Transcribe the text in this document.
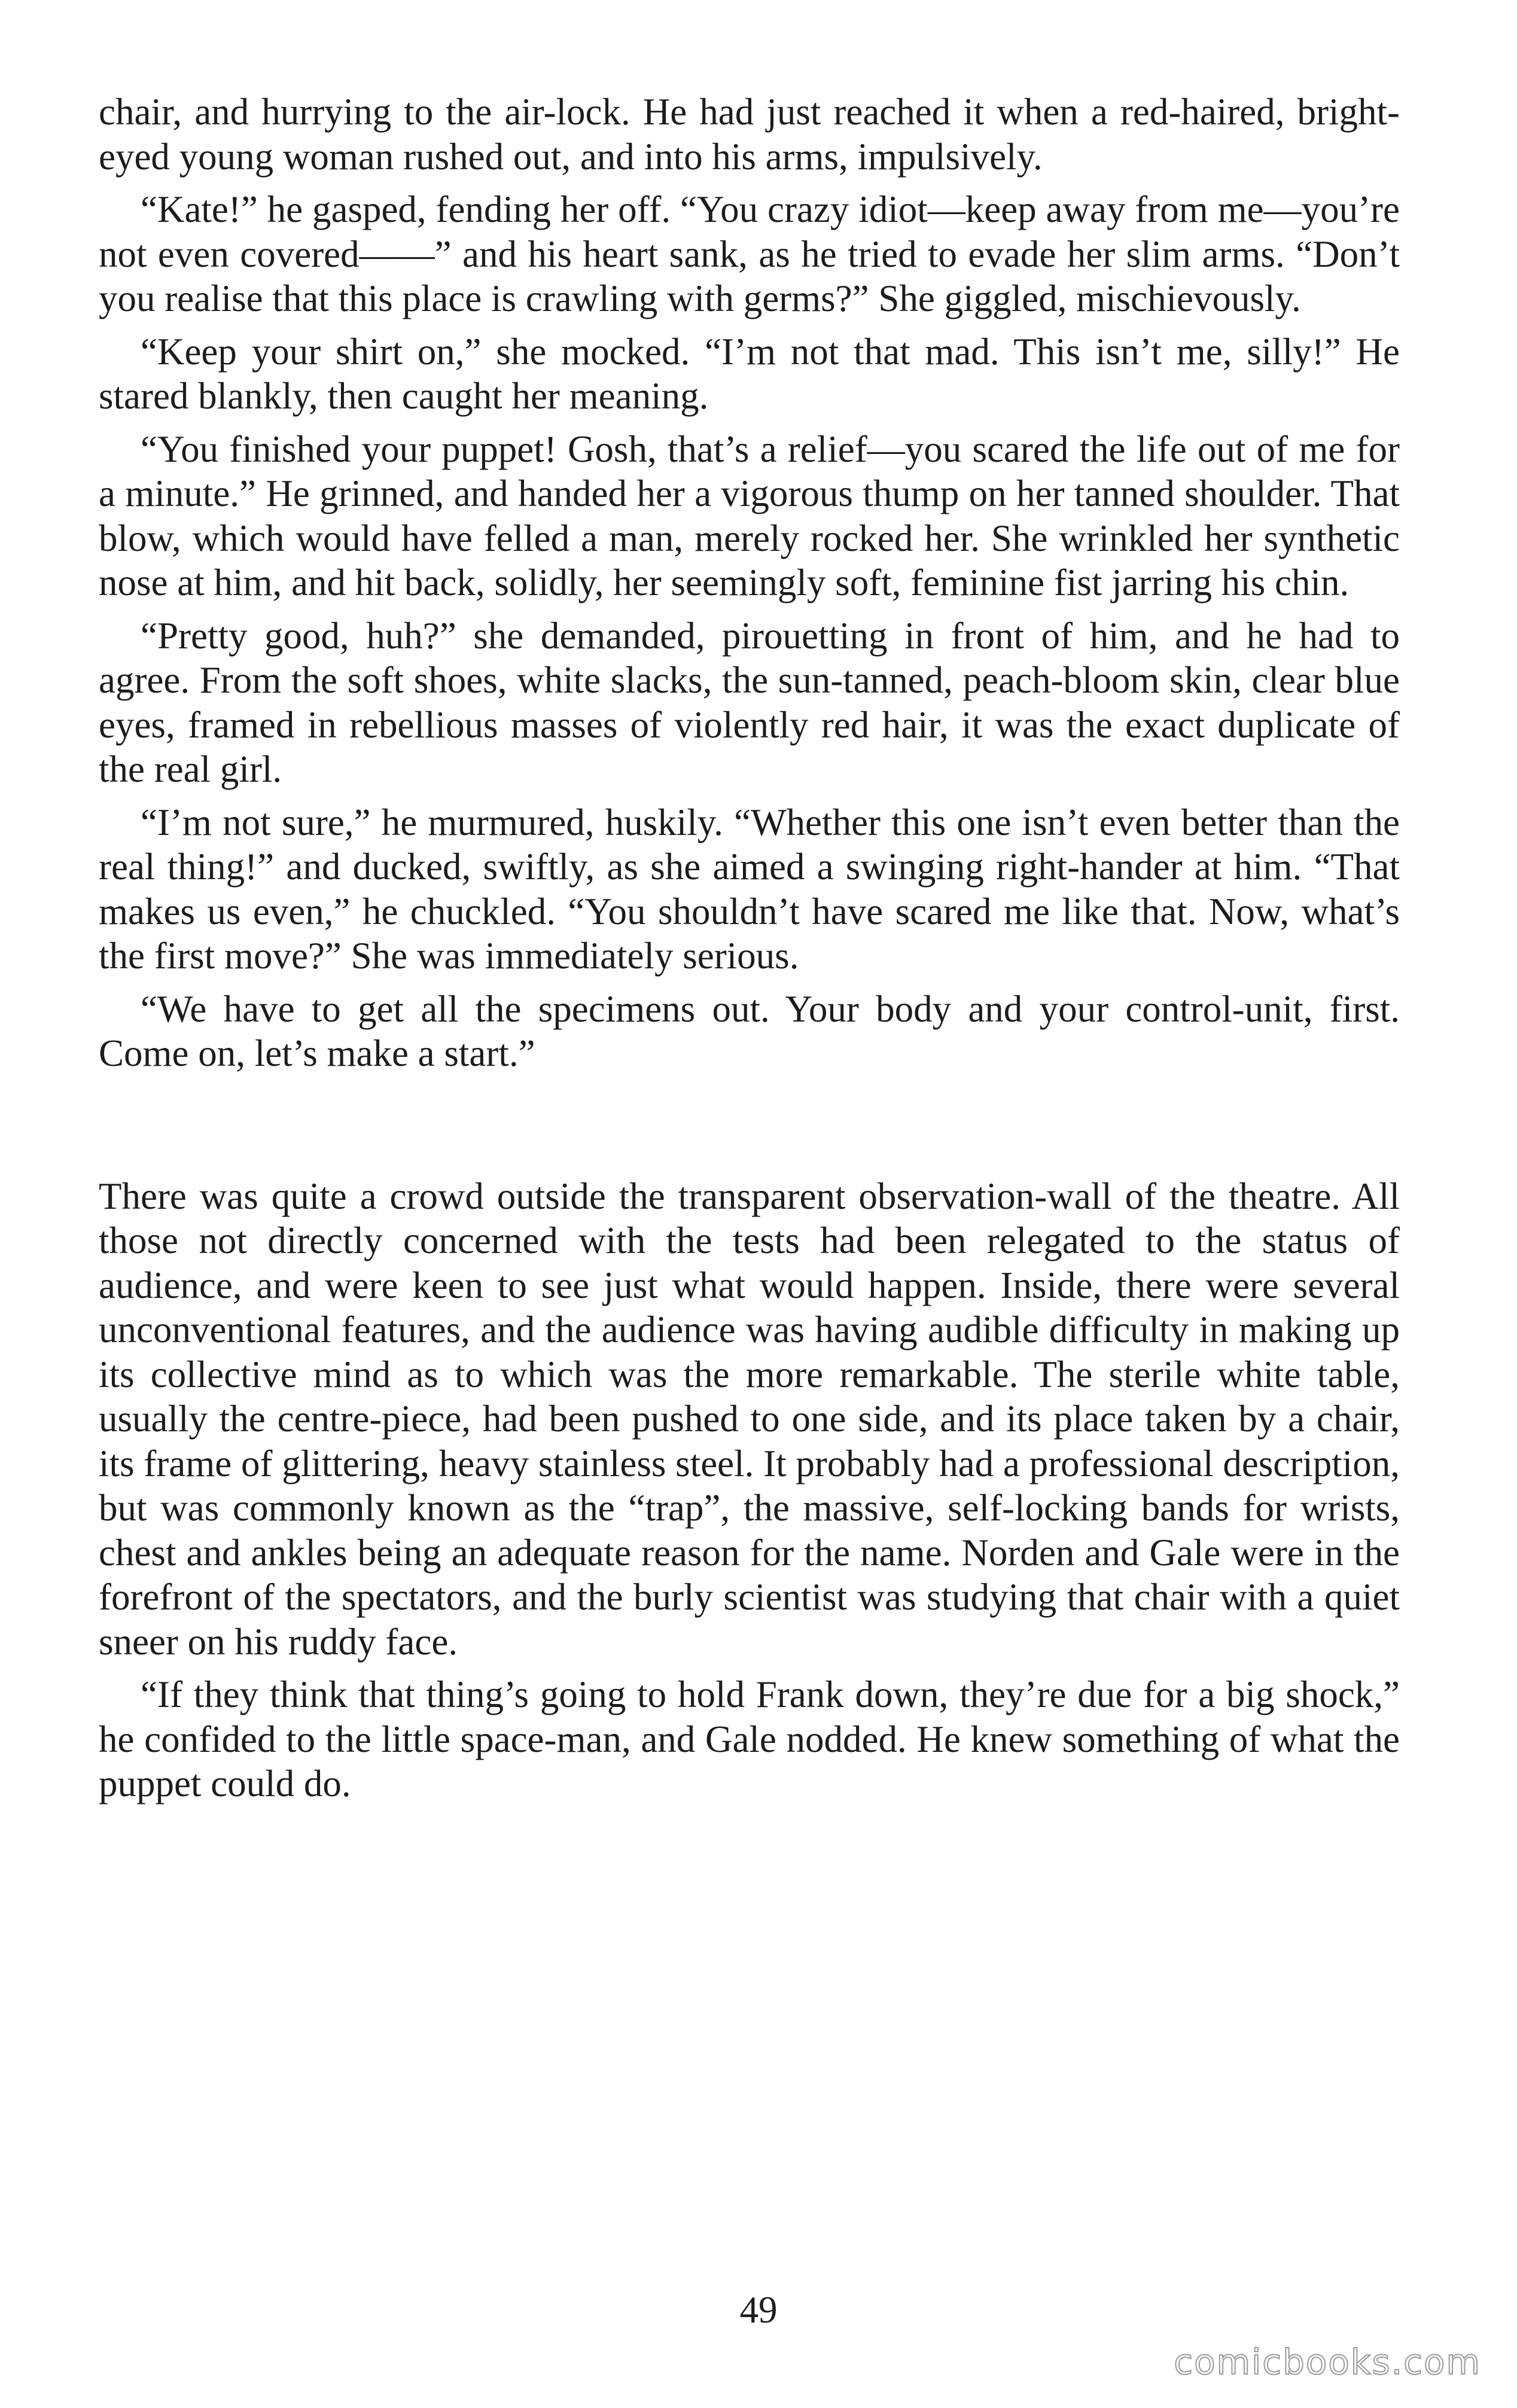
chair, and hurrying to the air-lock. He had just reached it when a red-haired, bright-eyed young woman rushed out, and into his arms, impulsively.

“Kate!” he gasped, fending her off. “You crazy idiot—keep away from me—you’re not even covered——” and his heart sank, as he tried to evade her slim arms. “Don’t you realise that this place is crawling with germs?” She giggled, mischievously.

“Keep your shirt on,” she mocked. “I’m not that mad. This isn’t me, silly!” He stared blankly, then caught her meaning.

“You finished your puppet! Gosh, that’s a relief—you scared the life out of me for a minute.” He grinned, and handed her a vigorous thump on her tanned shoulder. That blow, which would have felled a man, merely rocked her. She wrinkled her synthetic nose at him, and hit back, solidly, her seemingly soft, feminine fist jarring his chin.

“Pretty good, huh?” she demanded, pirouetting in front of him, and he had to agree. From the soft shoes, white slacks, the sun-tanned, peach-bloom skin, clear blue eyes, framed in rebellious masses of violently red hair, it was the exact duplicate of the real girl.

“I’m not sure,” he murmured, huskily. “Whether this one isn’t even better than the real thing!” and ducked, swiftly, as she aimed a swinging right-hander at him. “That makes us even,” he chuckled. “You shouldn’t have scared me like that. Now, what’s the first move?” She was immediately serious.

“We have to get all the specimens out. Your body and your control-unit, first. Come on, let’s make a start.”

There was quite a crowd outside the transparent observation-wall of the theatre. All those not directly concerned with the tests had been relegated to the status of audience, and were keen to see just what would happen. Inside, there were several unconventional features, and the audience was having audible difficulty in making up its collective mind as to which was the more remarkable. The sterile white table, usually the centre-piece, had been pushed to one side, and its place taken by a chair, its frame of glittering, heavy stainless steel. It probably had a professional description, but was commonly known as the “trap”, the massive, self-locking bands for wrists, chest and ankles being an adequate reason for the name. Norden and Gale were in the forefront of the spectators, and the burly scientist was studying that chair with a quiet sneer on his ruddy face.

“If they think that thing’s going to hold Frank down, they’re due for a big shock,” he confided to the little space-man, and Gale nodded. He knew something of what the puppet could do.

49
comicbooks.com
